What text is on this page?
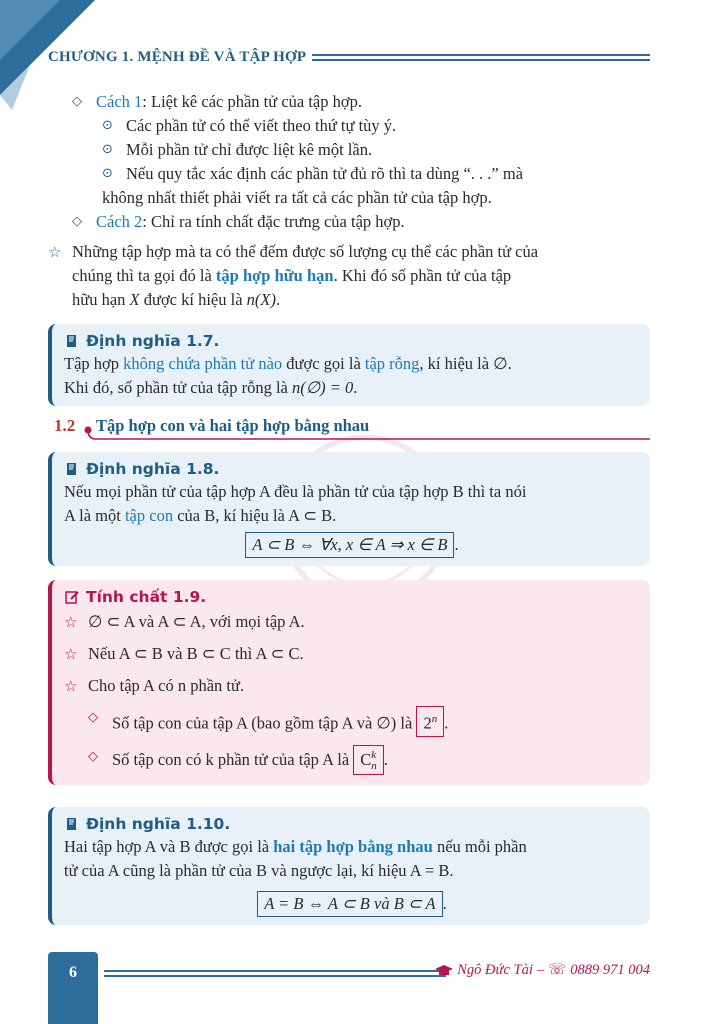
CHƯƠNG 1. MỆNH ĐỀ VÀ TẬP HỢP
◇ Cách 1: Liệt kê các phần tử của tập hợp.
⊙ Các phần tử có thể viết theo thứ tự tùy ý.
⊙ Mỗi phần tử chỉ được liệt kê một lần.
⊙ Nếu quy tắc xác định các phần tử đủ rõ thì ta dùng “. . .” mà
không nhất thiết phải viết ra tất cả các phần tử của tập hợp.
◇ Cách 2: Chỉ ra tính chất đặc trưng của tập hợp.
☆ Những tập hợp mà ta có thể đếm được số lượng cụ thể các phần tử của
chúng thì ta gọi đó là tập hợp hữu hạn. Khi đó số phần tử của tập
hữu hạn X được kí hiệu là n(X).
Định nghĩa 1.7.
Tập hợp không chứa phần tử nào được gọi là tập rỗng, kí hiệu là ∅.
Khi đó, số phần tử của tập rỗng là n(∅) = 0.
1.2 Tập hợp con và hai tập hợp bằng nhau
Định nghĩa 1.8.
Nếu mọi phần tử của tập hợp A đều là phần tử của tập hợp B thì ta nói
A là một tập con của B, kí hiệu là A ⊂ B.
A ⊂ B ⇔ ∀x, x ∈ A ⇒ x ∈ B .
Tính chất 1.9.
☆ ∅ ⊂ A và A ⊂ A, với mọi tập A.
☆ Nếu A ⊂ B và B ⊂ C thì A ⊂ C.
☆ Cho tập A có n phần tử.
◇ Số tập con của tập A (bao gồm tập A và ∅) là 2$^n$ .
◇ Số tập con có k phần tử của tập A là C k
n .
Định nghĩa 1.10.
Hai tập hợp A và B được gọi là hai tập hợp bằng nhau nếu mỗi phần
tử của A cũng là phần tử của B và ngược lại, kí hiệu A = B.
A = B ⇔ A ⊂ B và B ⊂ A .
6	Ngô Đức Tài – ☏ 0889 971 004
